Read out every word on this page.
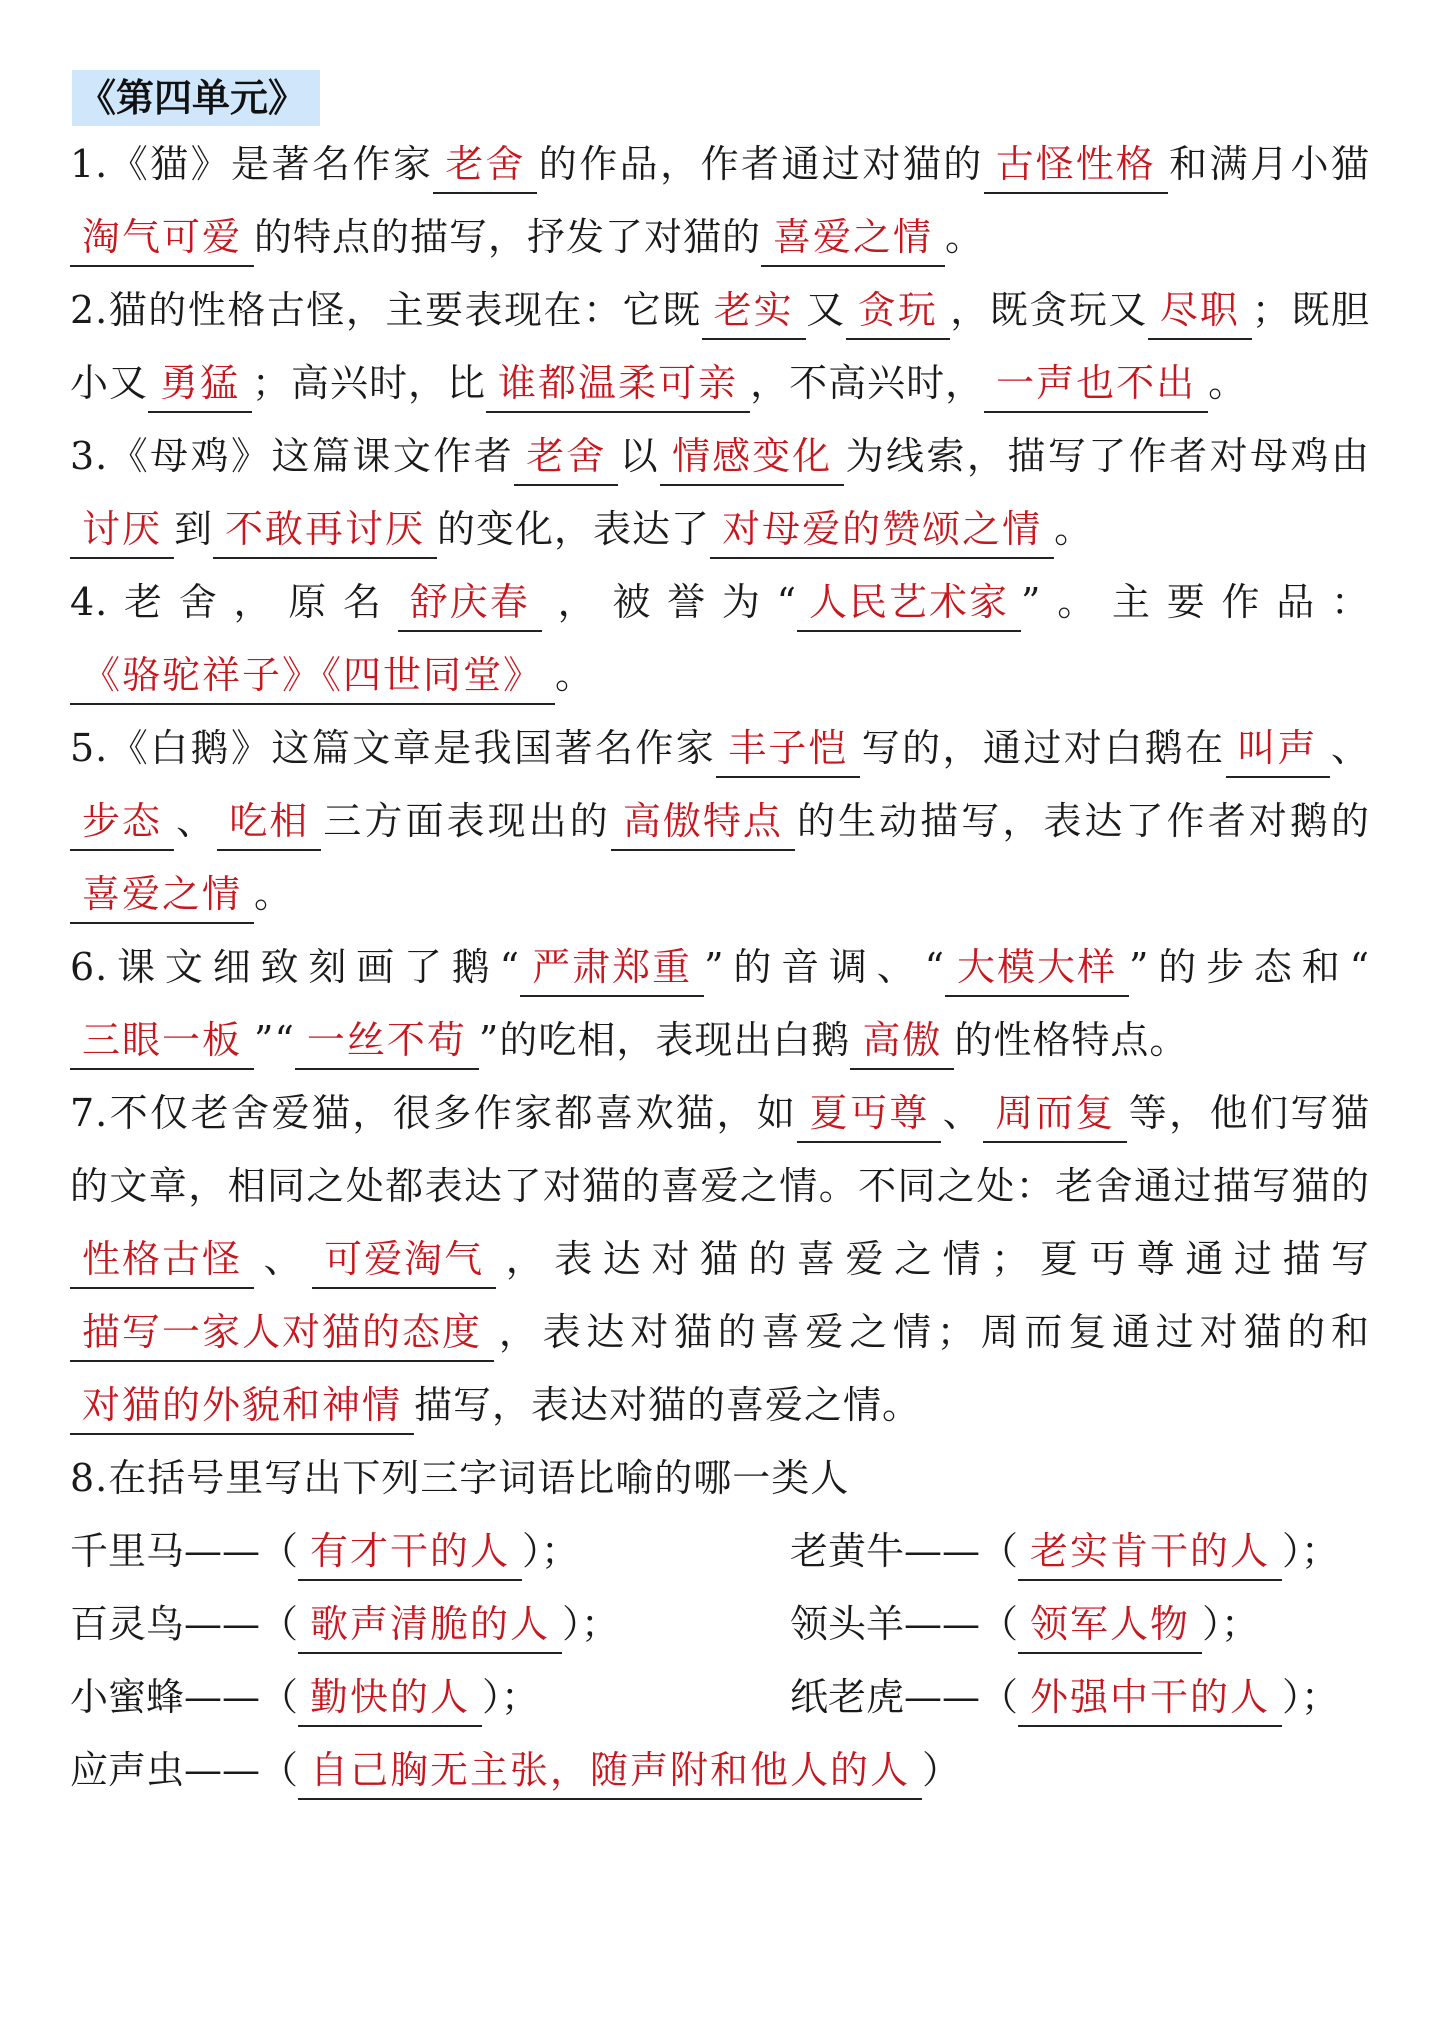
《第四单元》
1.《猫》是著名作家 老舍 的作品，作者通过对猫的 古怪性格 和满月小猫淘气可爱 的特点的描写，抒发了对猫的 喜爱之情 。
2.猫的性格古怪，主要表现在：它既 老实 又 贪玩 ，既贪玩又 尽职 ；既胆小又 勇猛 ；高兴时，比 谁都温柔可亲 ，不高兴时， 一声也不出 。
3.《母鸡》这篇课文作者 老舍 以 情感变化 为线索，描写了作者对母鸡由讨厌 到 不敢再讨厌 的变化，表达了 对母爱的赞颂之情 。
4.老舍，原名 舒庆春 ，被誉为“ 人民艺术家 ”。主要作品：《骆驼祥子》《四世同堂》 。
5.《白鹅》这篇文章是我国著名作家 丰子恺 写的，通过对白鹅在 叫声 、步态 、 吃相 三方面表现出的 高傲特点 的生动描写，表达了作者对鹅的喜爱之情 。
6.课文细致刻画了鹅“ 严肃郑重 ”的音调、“ 大模大样 ”的步态和“三眼一板 ”“ 一丝不苟 ”的吃相，表现出白鹅 高傲 的性格特点。
7.不仅老舍爱猫，很多作家都喜欢猫，如 夏丏尊 、 周而复 等，他们写猫的文章，相同之处都表达了对猫的喜爱之情。不同之处：老舍通过描写猫的性格古怪 、 可爱淘气 ，表达对猫的喜爱之情；夏丏尊通过描写描写一家人对猫的态度 ，表达对猫的喜爱之情；周而复通过对猫的和对猫的外貌和神情 描写，表达对猫的喜爱之情。
8.在括号里写出下列三字词语比喻的哪一类人
千里马——（ 有才干的人 ）；	老黄牛——（ 老实肯干的人 ）；
百灵鸟——（ 歌声清脆的人 ）；	领头羊——（ 领军人物 ）；
小蜜蜂——（ 勤快的人 ）；	纸老虎——（ 外强中干的人 ）；
应声虫——（ 自己胸无主张，随声附和他人的人 ）
